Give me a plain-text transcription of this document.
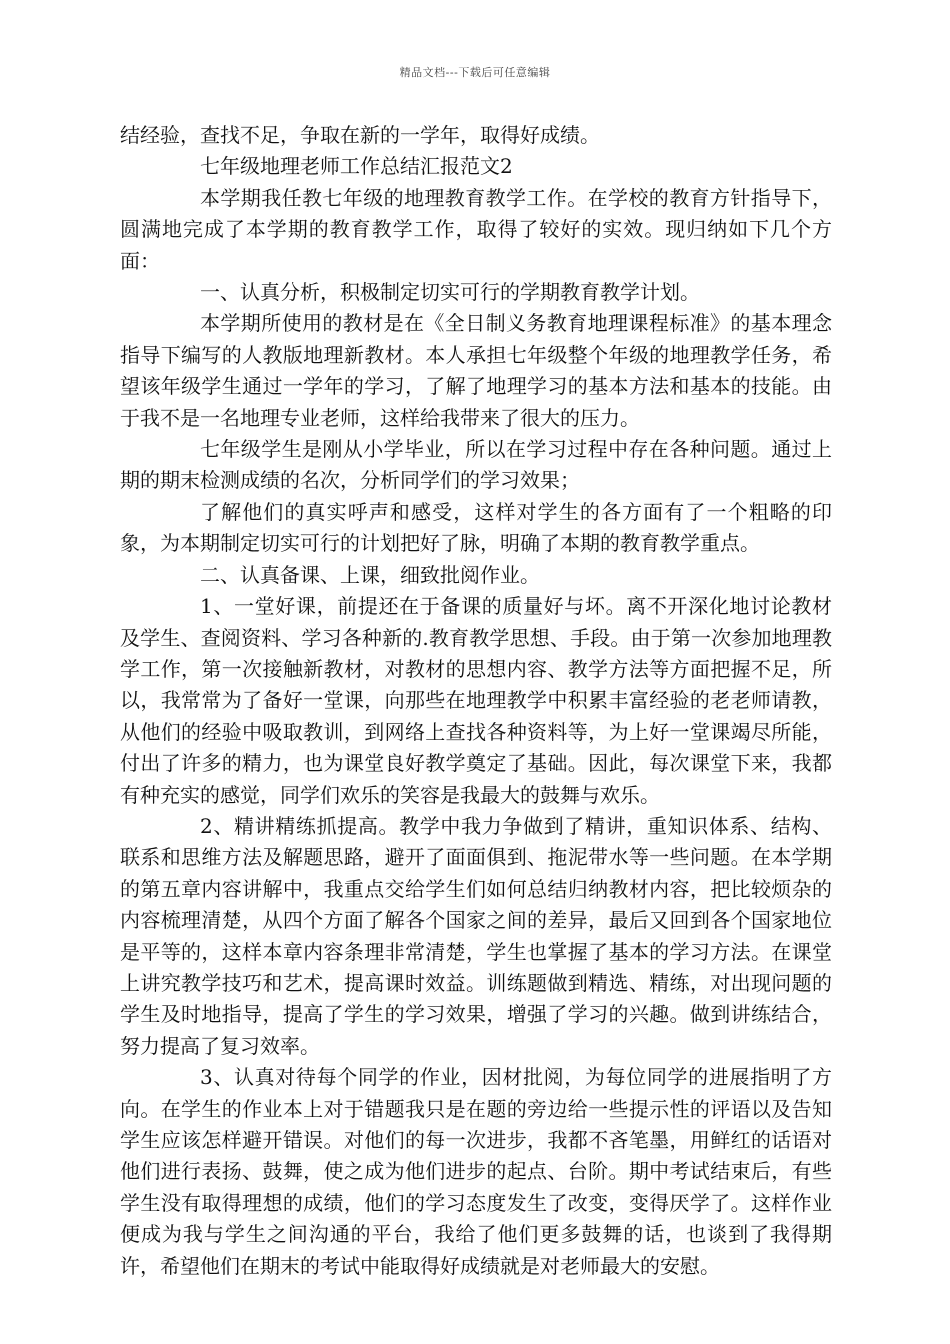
精品文档---下载后可任意编辑

结经验，查找不足，争取在新的一学年，取得好成绩。

七年级地理老师工作总结汇报范文2

本学期我任教七年级的地理教育教学工作。在学校的教育方针指导下，圆满地完成了本学期的教育教学工作，取得了较好的实效。现归纳如下几个方面：

一、认真分析，积极制定切实可行的学期教育教学计划。

本学期所使用的教材是在《全日制义务教育地理课程标准》的基本理念指导下编写的人教版地理新教材。本人承担七年级整个年级的地理教学任务，希望该年级学生通过一学年的学习，了解了地理学习的基本方法和基本的技能。由于我不是一名地理专业老师，这样给我带来了很大的压力。

七年级学生是刚从小学毕业，所以在学习过程中存在各种问题。通过上期的期末检测成绩的名次，分析同学们的学习效果；

了解他们的真实呼声和感受，这样对学生的各方面有了一个粗略的印象，为本期制定切实可行的计划把好了脉，明确了本期的教育教学重点。

二、认真备课、上课，细致批阅作业。

1、一堂好课，前提还在于备课的质量好与坏。离不开深化地讨论教材及学生、查阅资料、学习各种新的.教育教学思想、手段。由于第一次参加地理教学工作，第一次接触新教材，对教材的思想内容、教学方法等方面把握不足，所以，我常常为了备好一堂课，向那些在地理教学中积累丰富经验的老老师请教，从他们的经验中吸取教训，到网络上查找各种资料等，为上好一堂课竭尽所能，付出了许多的精力，也为课堂良好教学奠定了基础。因此，每次课堂下来，我都有种充实的感觉，同学们欢乐的笑容是我最大的鼓舞与欢乐。

2、精讲精练抓提高。教学中我力争做到了精讲，重知识体系、结构、联系和思维方法及解题思路，避开了面面俱到、拖泥带水等一些问题。在本学期的第五章内容讲解中，我重点交给学生们如何总结归纳教材内容，把比较烦杂的内容梳理清楚，从四个方面了解各个国家之间的差异，最后又回到各个国家地位是平等的，这样本章内容条理非常清楚，学生也掌握了基本的学习方法。在课堂上讲究教学技巧和艺术，提高课时效益。训练题做到精选、精练，对出现问题的学生及时地指导，提高了学生的学习效果，增强了学习的兴趣。做到讲练结合，努力提高了复习效率。

3、认真对待每个同学的作业，因材批阅，为每位同学的进展指明了方向。在学生的作业本上对于错题我只是在题的旁边给一些提示性的评语以及告知学生应该怎样避开错误。对他们的每一次进步，我都不吝笔墨，用鲜红的话语对他们进行表扬、鼓舞，使之成为他们进步的起点、台阶。期中考试结束后，有些学生没有取得理想的成绩，他们的学习态度发生了改变，变得厌学了。这样作业便成为我与学生之间沟通的平台，我给了他们更多鼓舞的话，也谈到了我得期许，希望他们在期末的考试中能取得好成绩就是对老师最大的安慰。
